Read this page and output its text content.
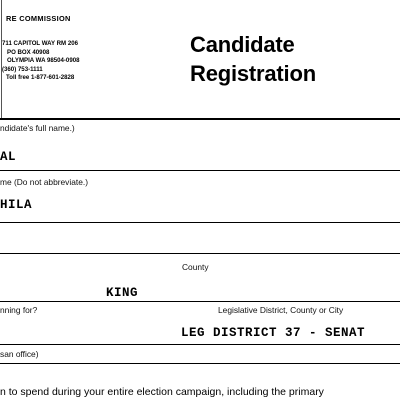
RE COMMISSION
711 CAPITOL WAY RM 206
PO BOX 40908
OLYMPIA WA 98504-0908
(360) 753-1111
Toll free 1-877-601-2828
Candidate
Registration
ndidate's full name.)
AL
me (Do not abbreviate.)
HILA
County
KING
nning for?	Legislative District, County or City
LEG DISTRICT 37 - SENAT
san office)
n to spend during your entire election campaign, including the primary
